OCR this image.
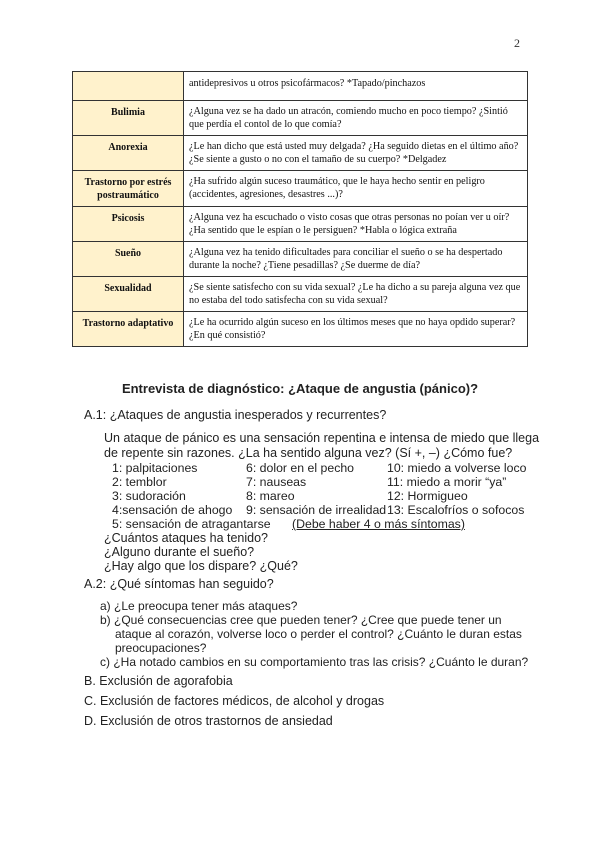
2
	antidepresivos u otros psicofármacos? *Tapado/pinchazos
Bulimia	¿Alguna vez se ha dado un atracón, comiendo mucho en poco tiempo? ¿Sintió que perdía el contol de lo que comía?
Anorexia	¿Le han dicho que está usted muy delgada? ¿Ha seguido dietas en el último año? ¿Se siente a gusto o no con el tamaño de su cuerpo? *Delgadez
Trastorno por estrés postraumático	¿Ha sufrido algún suceso traumático, que le haya hecho sentir en peligro (accidentes, agresiones, desastres ...)?
Psicosis	¿Alguna vez ha escuchado o visto cosas que otras personas no poían ver u oír? ¿Ha sentido que le espían o le persiguen? *Habla o lógica extraña
Sueño	¿Alguna vez ha tenido dificultades para conciliar el sueño o se ha despertado durante la noche? ¿Tiene pesadillas? ¿Se duerme de día?
Sexualidad	¿Se siente satisfecho con su vida sexual? ¿Le ha dicho a su pareja alguna vez que no estaba del todo satisfecha con su vida sexual?
Trastorno adaptativo	¿Le ha ocurrido algún suceso en los últimos meses que no haya opdido superar? ¿En qué consistió?
Entrevista de diagnóstico: ¿Ataque de angustia (pánico)?
A.1: ¿Ataques de angustia inesperados y recurrentes?
Un ataque de pánico es una sensación repentina e intensa de miedo que llega
de repente sin razones. ¿La ha sentido alguna vez? (Sí +, –) ¿Cómo fue?
1: palpitaciones
2: temblor
3: sudoración
4:sensación de ahogo
5: sensación de atragantarse
6: dolor en el pecho
7: nauseas
8: mareo
9: sensación de irrealidad
10: miedo a volverse loco
11: miedo a morir “ya”
12: Hormigueo
13: Escalofríos o sofocos
(Debe haber 4 o más síntomas)
¿Cuántos ataques ha tenido?
¿Alguno durante el sueño?
¿Hay algo que los dispare? ¿Qué?
A.2: ¿Qué síntomas han seguido?
a) ¿Le preocupa tener más ataques?
b) ¿Qué consecuencias cree que pueden tener? ¿Cree que puede tener un
ataque al corazón, volverse loco o perder el control? ¿Cuánto le duran estas
preocupaciones?
c) ¿Ha notado cambios en su comportamiento tras las crisis? ¿Cuánto le duran?
B. Exclusión de agorafobia
C. Exclusión de factores médicos, de alcohol y drogas
D. Exclusión de otros trastornos de ansiedad
